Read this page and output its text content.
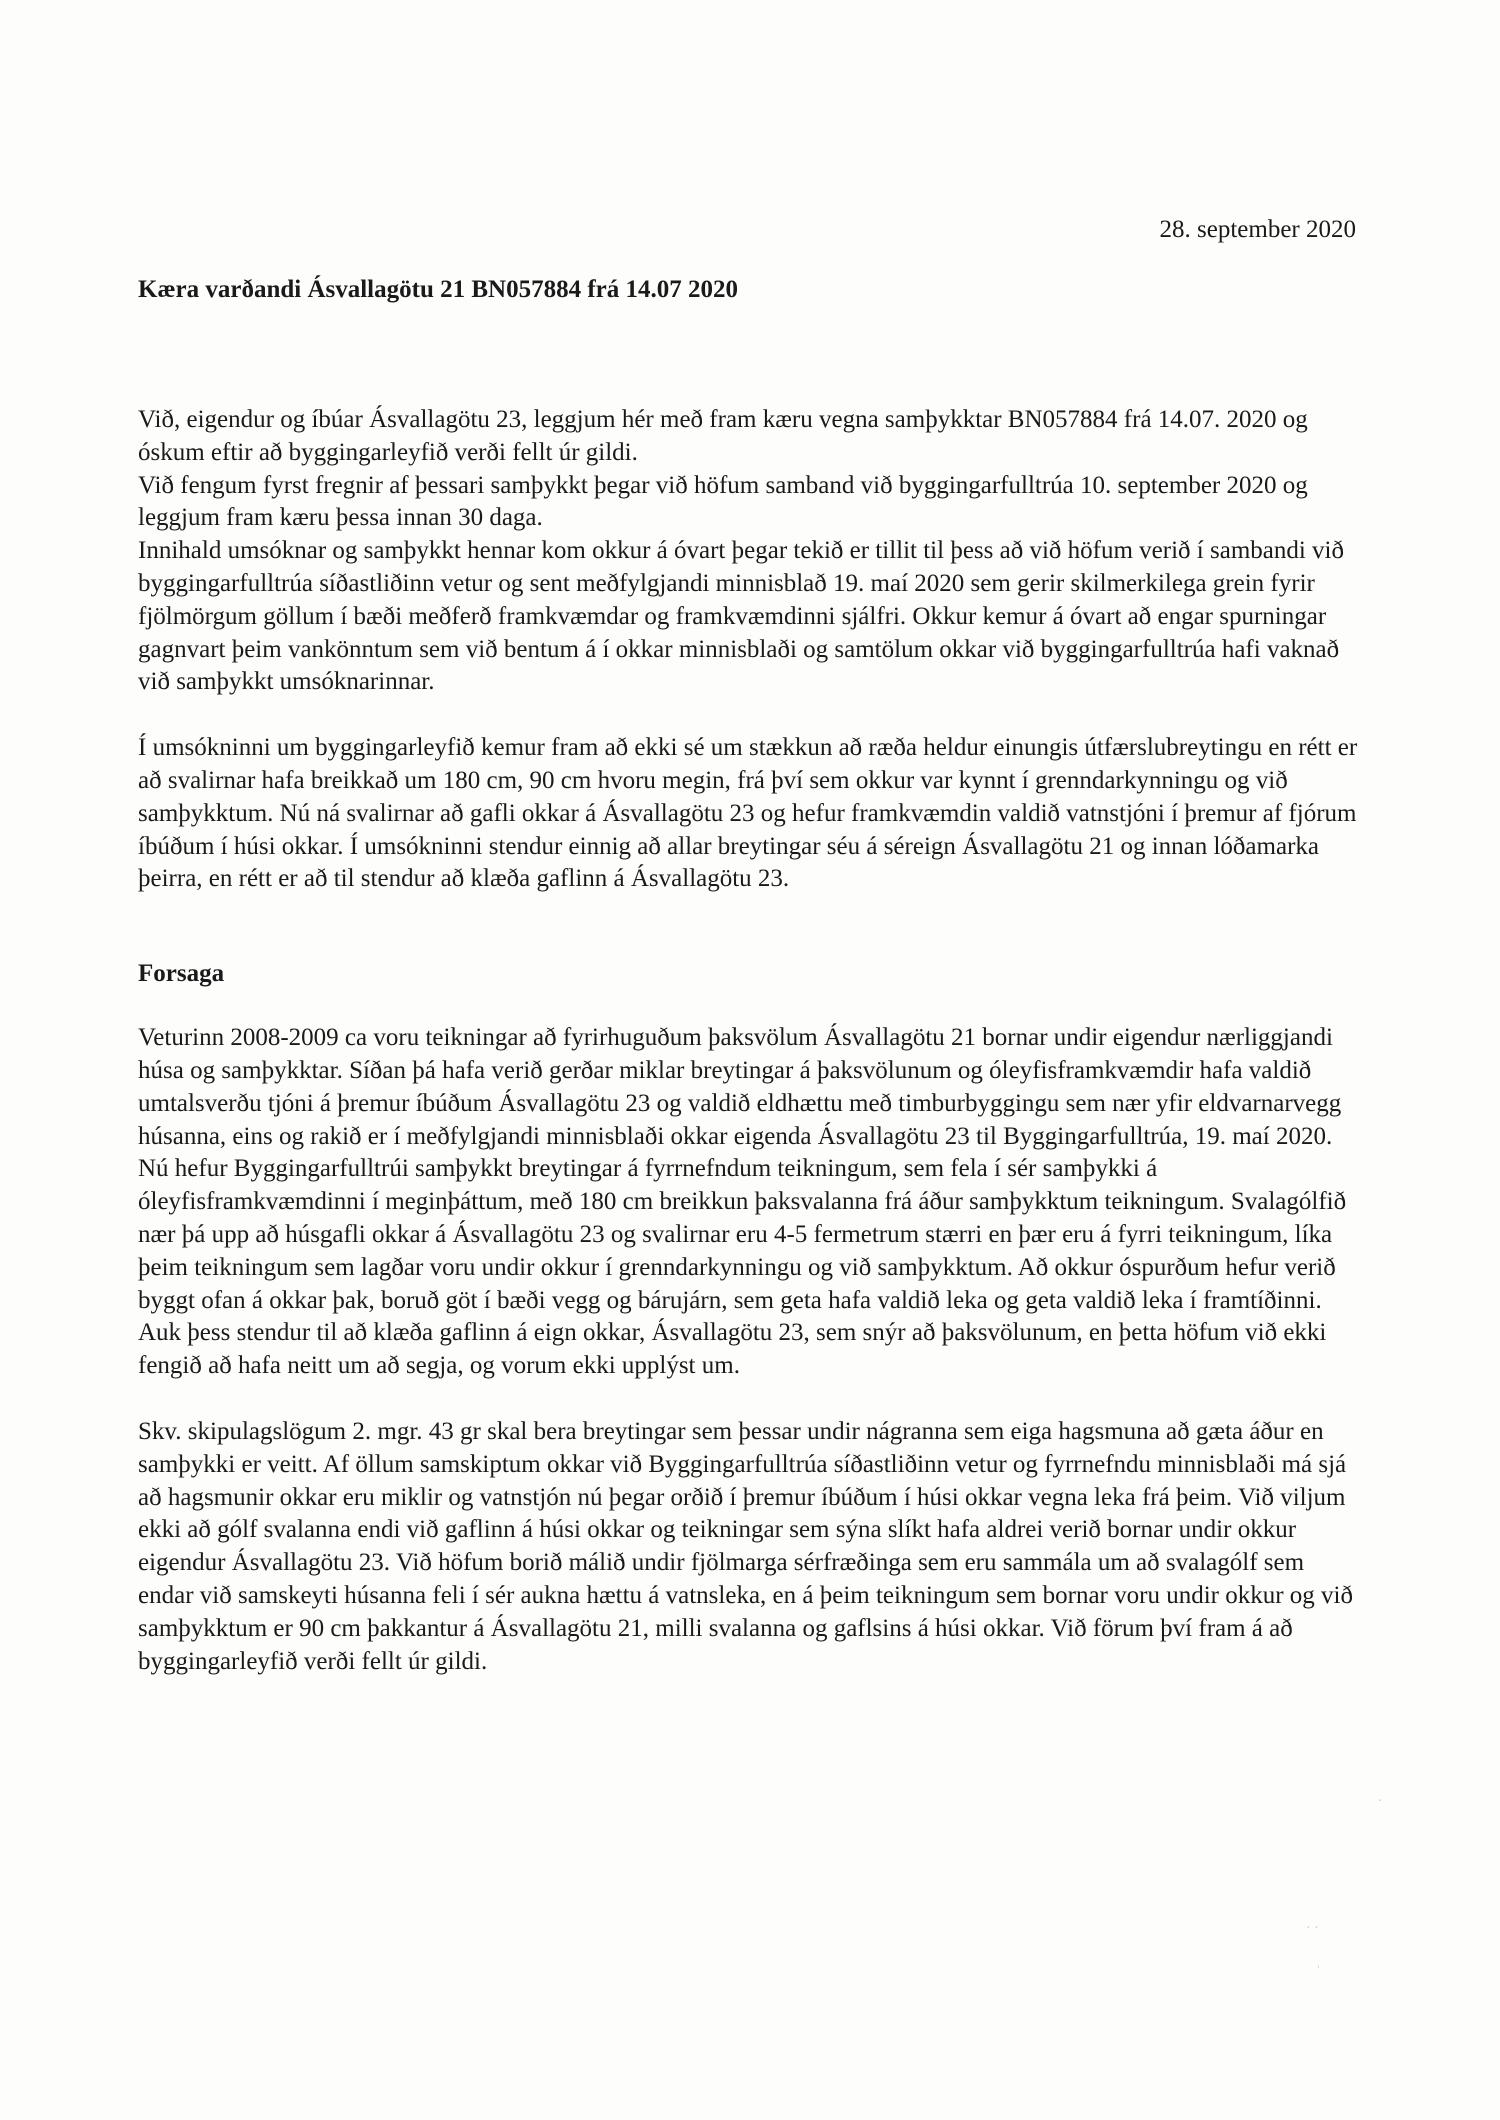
28. september 2020

Kæra varðandi Ásvallagötu 21 BN057884 frá 14.07 2020

Við, eigendur og íbúar Ásvallagötu 23, leggjum hér með fram kæru vegna samþykktar BN057884 frá 14.07. 2020 og óskum eftir að byggingarleyfið verði fellt úr gildi.

Við fengum fyrst fregnir af þessari samþykkt þegar við höfum samband við byggingarfulltrúa 10. september 2020 og leggjum fram kæru þessa innan 30 daga.

Innihald umsóknar og samþykkt hennar kom okkur á óvart þegar tekið er tillit til þess að við höfum verið í sambandi við byggingarfulltrúa síðastliðinn vetur og sent meðfylgjandi minnisblað 19. maí 2020 sem gerir skilmerkilega grein fyrir fjölmörgum göllum í bæði meðferð framkvæmdar og framkvæmdinni sjálfri. Okkur kemur á óvart að engar spurningar gagnvart þeim vankönntum sem við bentum á í okkar minnisblaði og samtölum okkar við byggingarfulltrúa hafi vaknað við samþykkt umsóknarinnar.

Í umsókninni um byggingarleyfið kemur fram að ekki sé um stækkun að ræða heldur einungis útfærslubreytingu en rétt er að svalirnar hafa breikkað um 180 cm, 90 cm hvoru megin, frá því sem okkur var kynnt í grenndarkynningu og við samþykktum. Nú ná svalirnar að gafli okkar á Ásvallagötu 23 og hefur framkvæmdin valdið vatnstjóni í þremur af fjórum íbúðum í húsi okkar. Í umsókninni stendur einnig að allar breytingar séu á séreign Ásvallagötu 21 og innan lóðamarka þeirra, en rétt er að til stendur að klæða gaflinn á Ásvallagötu 23.

Forsaga

Veturinn 2008-2009 ca voru teikningar að fyrirhuguðum þaksvölum Ásvallagötu 21 bornar undir eigendur nærliggjandi húsa og samþykktar. Síðan þá hafa verið gerðar miklar breytingar á þaksvölunum og óleyfisframkvæmdir hafa valdið umtalsverðu tjóni á þremur íbúðum Ásvallagötu 23 og valdið eldhættu með timburbyggingu sem nær yfir eldvarnarvegg húsanna, eins og rakið er í meðfylgjandi minnisblaði okkar eigenda Ásvallagötu 23 til Byggingarfulltrúa, 19. maí 2020.

Nú hefur Byggingarfulltrúi samþykkt breytingar á fyrrnefndum teikningum, sem fela í sér samþykki á óleyfisframkvæmdinni í meginþáttum, með 180 cm breikkun þaksvalanna frá áður samþykktum teikningum. Svalagólfið nær þá upp að húsgafli okkar á Ásvallagötu 23 og svalirnar eru 4-5 fermetrum stærri en þær eru á fyrri teikningum, líka þeim teikningum sem lagðar voru undir okkur í grenndarkynningu og við samþykktum. Að okkur óspurðum hefur verið byggt ofan á okkar þak, boruð göt í bæði vegg og bárujárn, sem geta hafa valdið leka og geta valdið leka í framtíðinni. Auk þess stendur til að klæða gaflinn á eign okkar, Ásvallagötu 23, sem snýr að þaksvölunum, en þetta höfum við ekki fengið að hafa neitt um að segja, og vorum ekki upplýst um.

Skv. skipulagslögum 2. mgr. 43 gr skal bera breytingar sem þessar undir nágranna sem eiga hagsmuna að gæta áður en samþykki er veitt. Af öllum samskiptum okkar við Byggingarfulltrúa síðastliðinn vetur og fyrrnefndu minnisblaði má sjá að hagsmunir okkar eru miklir og vatnstjón nú þegar orðið í þremur íbúðum í húsi okkar vegna leka frá þeim. Við viljum ekki að gólf svalanna endi við gaflinn á húsi okkar og teikningar sem sýna slíkt hafa aldrei verið bornar undir okkur eigendur Ásvallagötu 23. Við höfum borið málið undir fjölmarga sérfræðinga sem eru sammála um að svalagólf sem endar við samskeyti húsanna feli í sér aukna hættu á vatnsleka, en á þeim teikningum sem bornar voru undir okkur og við samþykktum er 90 cm þakkantur á Ásvallagötu 21, milli svalanna og gaflsins á húsi okkar. Við förum því fram á að byggingarleyfið verði fellt úr gildi.

·
· ·
ˌ
